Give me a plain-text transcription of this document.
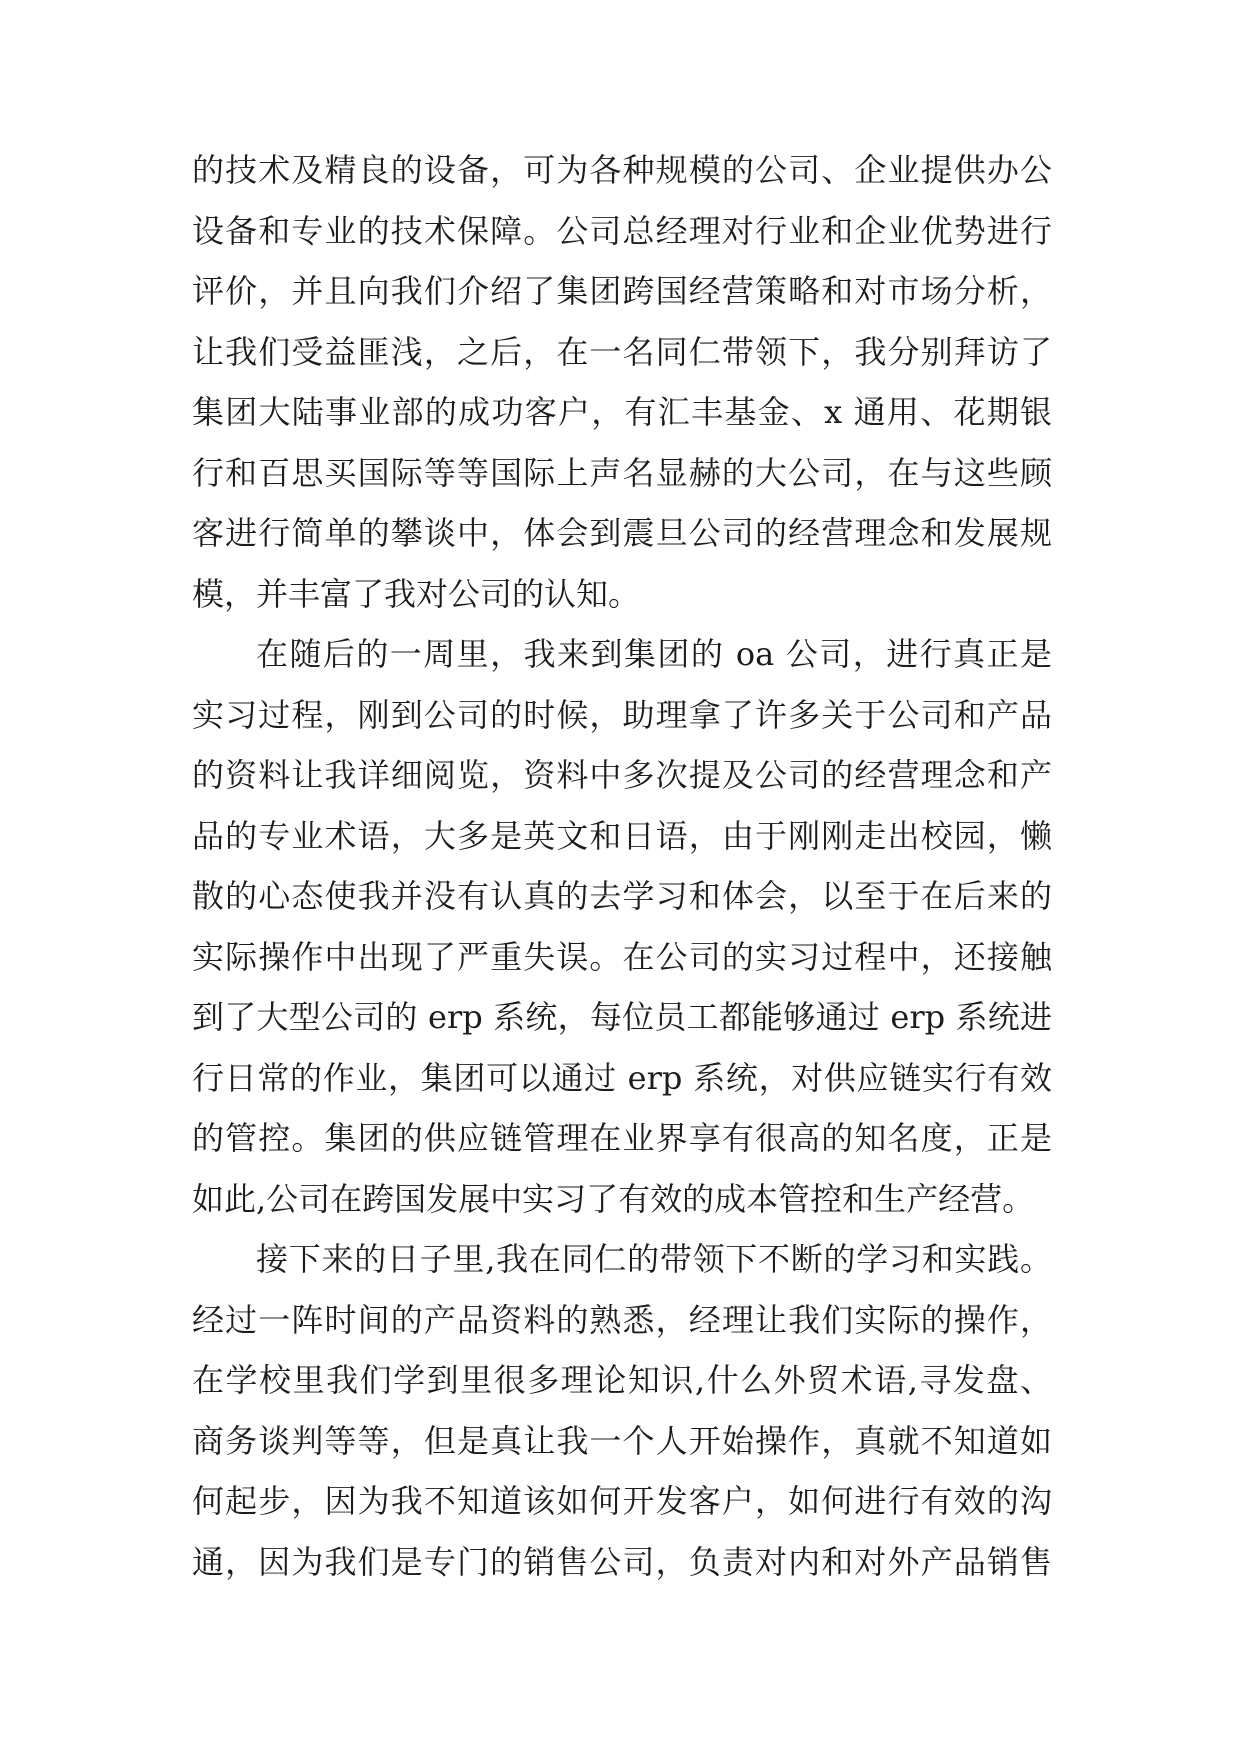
的技术及精良的设备，可为各种规模的公司、企业提供办公
设备和专业的技术保障。公司总经理对行业和企业优势进行
评价，并且向我们介绍了集团跨国经营策略和对市场分析，
让我们受益匪浅，之后，在一名同仁带领下，我分别拜访了
集团大陆事业部的成功客户，有汇丰基金、x 通用、花期银
行和百思买国际等等国际上声名显赫的大公司，在与这些顾
客进行简单的攀谈中，体会到震旦公司的经营理念和发展规
模，并丰富了我对公司的认知。
在随后的一周里，我来到集团的 oa 公司，进行真正是
实习过程，刚到公司的时候，助理拿了许多关于公司和产品
的资料让我详细阅览，资料中多次提及公司的经营理念和产
品的专业术语，大多是英文和日语，由于刚刚走出校园，懒
散的心态使我并没有认真的去学习和体会，以至于在后来的
实际操作中出现了严重失误。在公司的实习过程中，还接触
到了大型公司的 erp 系统，每位员工都能够通过 erp 系统进
行日常的作业，集团可以通过 erp 系统，对供应链实行有效
的管控。集团的供应链管理在业界享有很高的知名度，正是
如此,公司在跨国发展中实习了有效的成本管控和生产经营。
接下来的日子里,我在同仁的带领下不断的学习和实践。
经过一阵时间的产品资料的熟悉，经理让我们实际的操作，
在学校里我们学到里很多理论知识,什么外贸术语,寻发盘、
商务谈判等等，但是真让我一个人开始操作，真就不知道如
何起步，因为我不知道该如何开发客户，如何进行有效的沟
通，因为我们是专门的销售公司，负责对内和对外产品销售
